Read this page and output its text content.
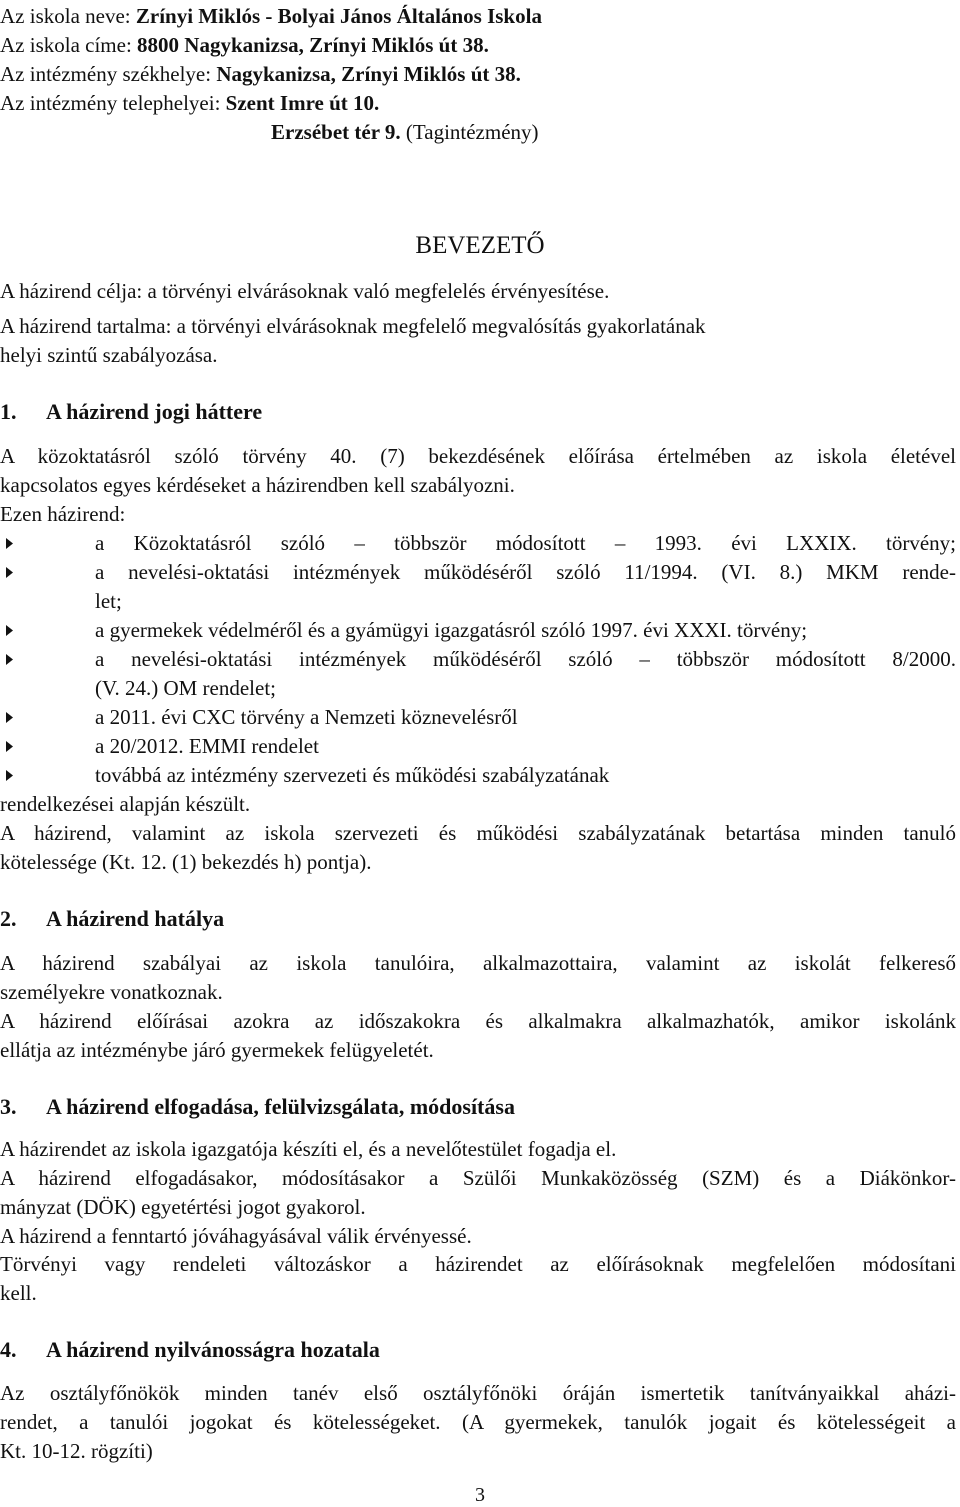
Az iskola neve: Zrínyi Miklós - Bolyai János Általános Iskola
Az iskola címe: 8800 Nagykanizsa, Zrínyi Miklós út 38.
Az intézmény székhelye: Nagykanizsa, Zrínyi Miklós út 38.
Az intézmény telephelyei: Szent Imre út 10.
Erzsébet tér 9. (Tagintézmény)
BEVEZETŐ
A házirend célja: a törvényi elvárásoknak való megfelelés érvényesítése.
A házirend tartalma: a törvényi elvárásoknak megfelelő megvalósítás gyakorlatának
helyi szintű szabályozása.
1. A házirend jogi háttere
A közoktatásról szóló törvény 40. (7) bekezdésének előírása értelmében az iskola életével
kapcsolatos egyes kérdéseket a házirendben kell szabályozni.
Ezen házirend:
a Közoktatásról szóló – többször módosított – 1993. évi LXXIX. törvény;
a nevelési-oktatási intézmények működéséről szóló 11/1994. (VI. 8.) MKM rende-
let;
a gyermekek védelméről és a gyámügyi igazgatásról szóló 1997. évi XXXI. törvény;
a nevelési-oktatási intézmények működéséről szóló – többször módosított 8/2000.
(V. 24.) OM rendelet;
a 2011. évi CXC törvény a Nemzeti köznevelésről
a 20/2012. EMMI rendelet
továbbá az intézmény szervezeti és működési szabályzatának
rendelkezései alapján készült.
A házirend, valamint az iskola szervezeti és működési szabályzatának betartása minden tanuló
kötelessége (Kt. 12. (1) bekezdés h) pontja).
2. A házirend hatálya
A házirend szabályai az iskola tanulóira, alkalmazottaira, valamint az iskolát felkereső
személyekre vonatkoznak.
A házirend előírásai azokra az időszakokra és alkalmakra alkalmazhatók, amikor iskolánk
ellátja az intézménybe járó gyermekek felügyeletét.
3. A házirend elfogadása, felülvizsgálata, módosítása
A házirendet az iskola igazgatója készíti el, és a nevelőtestület fogadja el.
A házirend elfogadásakor, módosításakor a Szülői Munkaközösség (SZM) és a Diákönkor-
mányzat (DÖK) egyetértési jogot gyakorol.
A házirend a fenntartó jóváhagyásával válik érvényessé.
Törvényi vagy rendeleti változáskor a házirendet az előírásoknak megfelelően módosítani
kell.
4. A házirend nyilvánosságra hozatala
Az osztályfőnökök minden tanév első osztályfőnöki óráján ismertetik tanítványaikkal aházi-
rendet, a tanulói jogokat és kötelességeket. (A gyermekek, tanulók jogait és kötelességeit a
Kt. 10-12. rögzíti)
3
